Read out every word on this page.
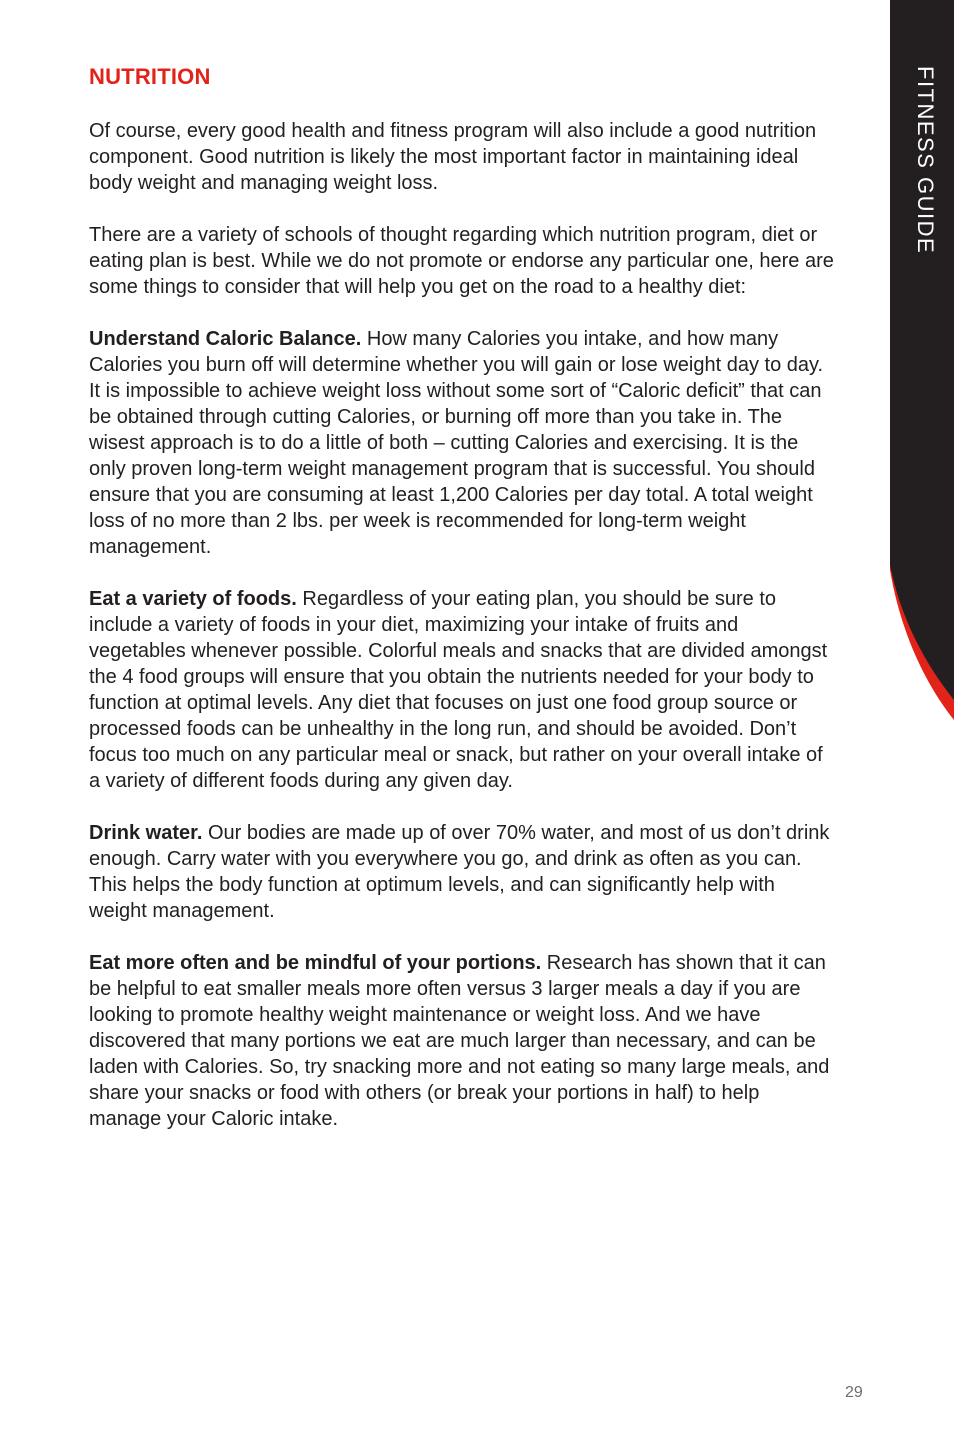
FITNESS GUIDE
NUTRITION

Of course, every good health and fitness program will also include a good nutrition component. Good nutrition is likely the most important factor in maintaining ideal body weight and managing weight loss.

There are a variety of schools of thought regarding which nutrition program, diet or eating plan is best. While we do not promote or endorse any particular one, here are some things to consider that will help you get on the road to a healthy diet:

Understand Caloric Balance. How many Calories you intake, and how many Calories you burn off will determine whether you will gain or lose weight day to day. It is impossible to achieve weight loss without some sort of “Caloric deficit” that can be obtained through cutting Calories, or burning off more than you take in. The wisest approach is to do a little of both – cutting Calories and exercising. It is the only proven long-term weight management program that is successful. You should ensure that you are consuming at least 1,200 Calories per day total. A total weight loss of no more than 2 lbs. per week is recommended for long-term weight management.

Eat a variety of foods. Regardless of your eating plan, you should be sure to include a variety of foods in your diet, maximizing your intake of fruits and vegetables whenever possible. Colorful meals and snacks that are divided amongst the 4 food groups will ensure that you obtain the nutrients needed for your body to function at optimal levels. Any diet that focuses on just one food group source or processed foods can be unhealthy in the long run, and should be avoided. Don’t focus too much on any particular meal or snack, but rather on your overall intake of a variety of different foods during any given day.

Drink water. Our bodies are made up of over 70% water, and most of us don’t drink enough. Carry water with you everywhere you go, and drink as often as you can. This helps the body function at optimum levels, and can significantly help with weight management.

Eat more often and be mindful of your portions. Research has shown that it can be helpful to eat smaller meals more often versus 3 larger meals a day if you are looking to promote healthy weight maintenance or weight loss. And we have discovered that many portions we eat are much larger than necessary, and can be laden with Calories. So, try snacking more and not eating so many large meals, and share your snacks or food with others (or break your portions in half) to help manage your Caloric intake.

29
